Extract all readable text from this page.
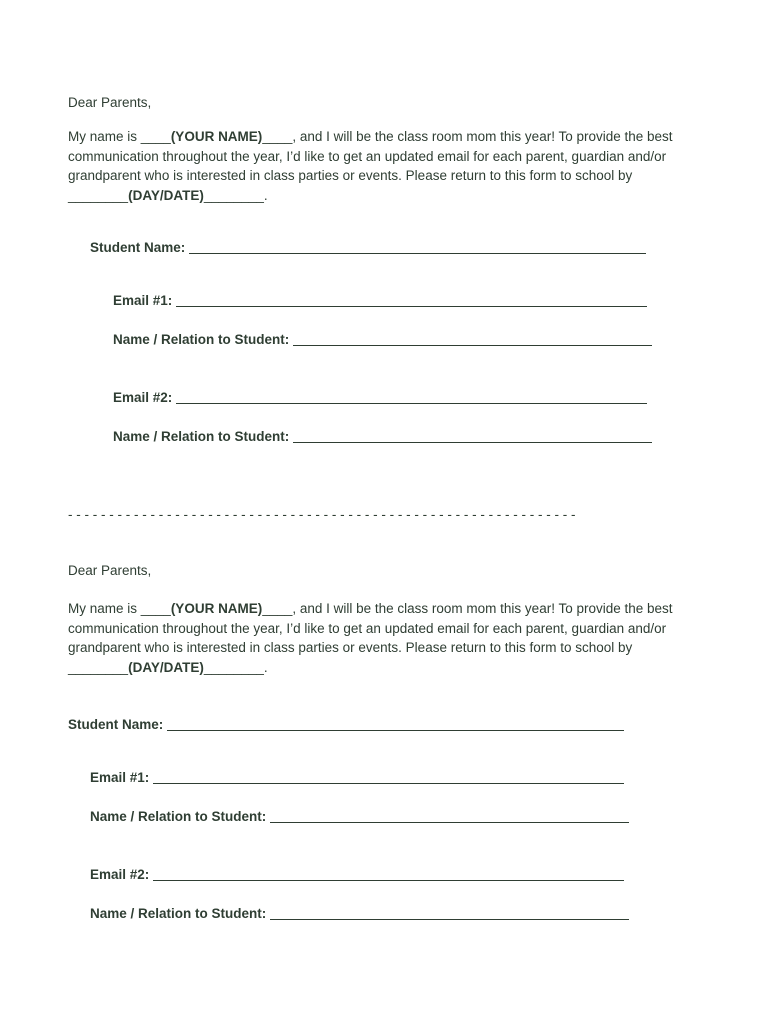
Dear Parents,
My name is ____(YOUR NAME)____, and I will be the class room mom this year! To provide the best
communication throughout the year, I’d like to get an updated email for each parent, guardian and/or
grandparent who is interested in class parties or events. Please return to this form to school by
________(DAY/DATE)________.
Student Name:
Email #1:
Name / Relation to Student:
Email #2:
Name / Relation to Student:
- - - - - - - - - - - - - - - - - - - - - - - - - - - - - - - - - - - - - - - - - - - - - - - - - - - - - - - - - - - - - -
Dear Parents,
My name is ____(YOUR NAME)____, and I will be the class room mom this year! To provide the best
communication throughout the year, I’d like to get an updated email for each parent, guardian and/or
grandparent who is interested in class parties or events. Please return to this form to school by
________(DAY/DATE)________.
Student Name:
Email #1:
Name / Relation to Student:
Email #2:
Name / Relation to Student:
